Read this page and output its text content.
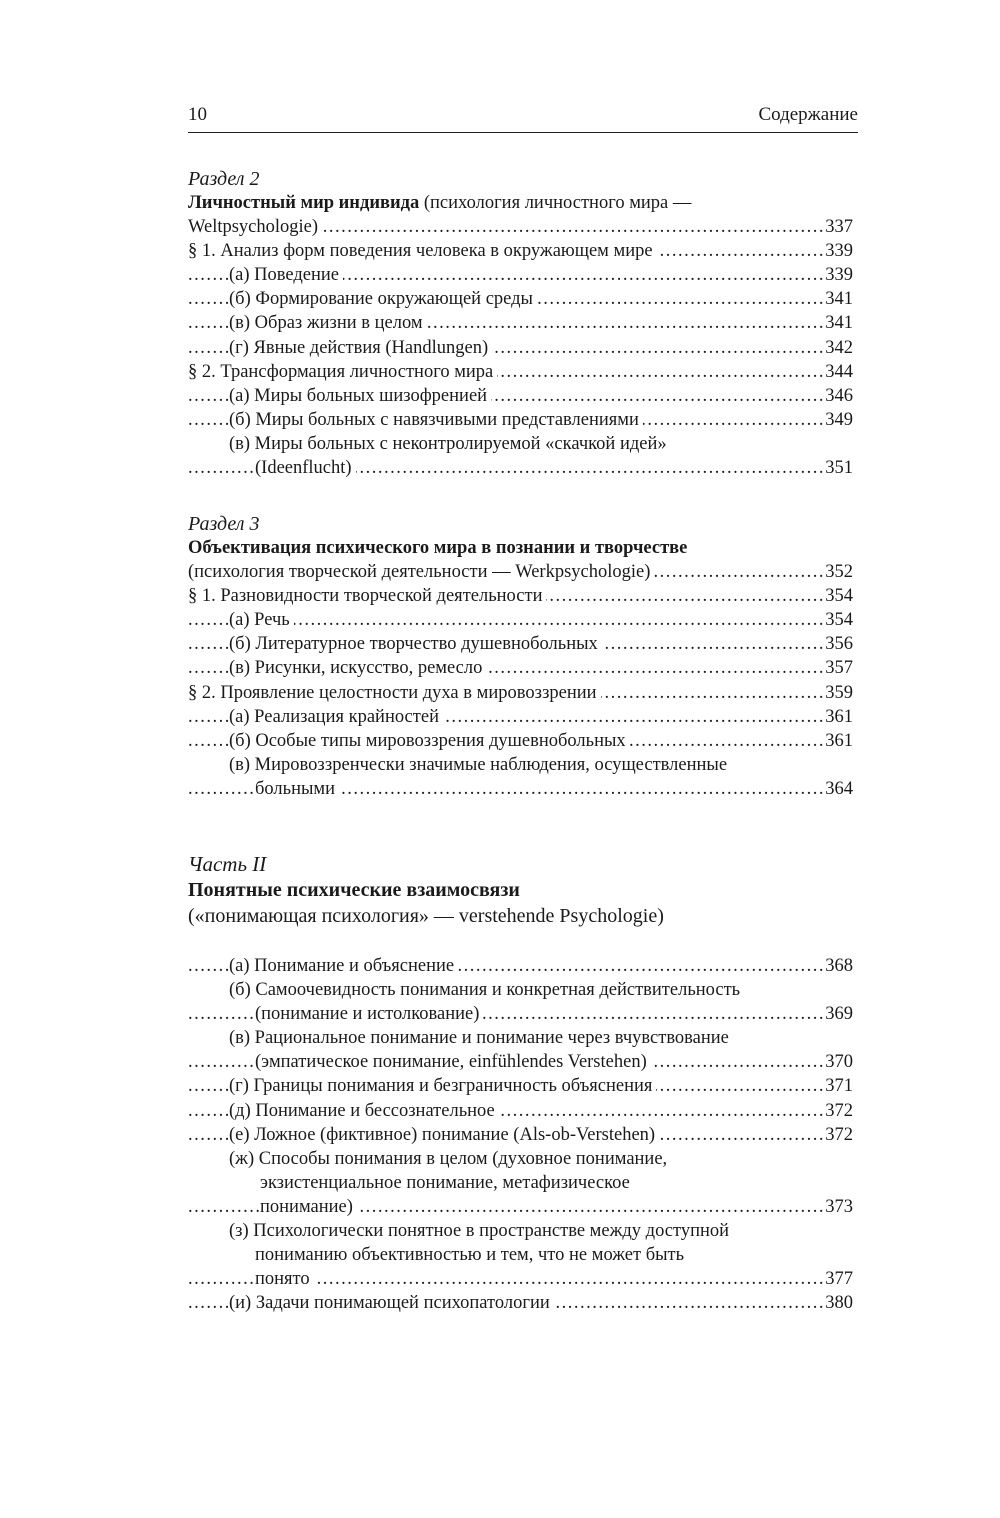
10	Содержание
Раздел 2
Личностный мир индивида (психология личностного мира —
Weltpsychologie)	337
.....
§ 1. Анализ форм поведения человека в окружающем мире	339
.....
(а) Поведение	339
.....
(б) Формирование окружающей среды	341
.....
(в) Образ жизни в целом	341
.....
(г) Явные действия (Handlungen)	342
.....
§ 2. Трансформация личностного мира	344
.....
(а) Миры больных шизофренией	346
.....
(б) Миры больных с навязчивыми представлениями	349
.....
(в) Миры больных с неконтролируемой «скачкой идей»
(Ideenflucht)	351
.....
Раздел 3
Объективация психического мира в познании и творчестве
(психология творческой деятельности — Werkpsychologie)	352
.....
§ 1. Разновидности творческой деятельности	354
.....
(а) Речь	354
.....
(б) Литературное творчество душевнобольных	356
.....
(в) Рисунки, искусство, ремесло	357
.....
§ 2. Проявление целостности духа в мировоззрении	359
.....
(а) Реализация крайностей	361
.....
(б) Особые типы мировоззрения душевнобольных	361
.....
(в) Мировоззренчески значимые наблюдения, осуществленные
больными	364
.....
Часть II
Понятные психические взаимосвязи
(«понимающая психология» — verstehende Psychologie)
(а) Понимание и объяснение	368
.....
(б) Самоочевидность понимания и конкретная действительность
(понимание и истолкование)	369
.....
(в) Рациональное понимание и понимание через вчувствование
(эмпатическое понимание, einfühlendes Verstehen)	370
.....
(г) Границы понимания и безграничность объяснения	371
.....
(д) Понимание и бессознательное	372
.....
(е) Ложное (фиктивное) понимание (Als-ob-Verstehen)	372
.....
(ж) Способы понимания в целом (духовное понимание,
экзистенциальное понимание, метафизическое
понимание)	373
.....
(з) Психологически понятное в пространстве между доступной
пониманию объективностью и тем, что не может быть
понято	377
.....
(и) Задачи понимающей психопатологии	380
.....
